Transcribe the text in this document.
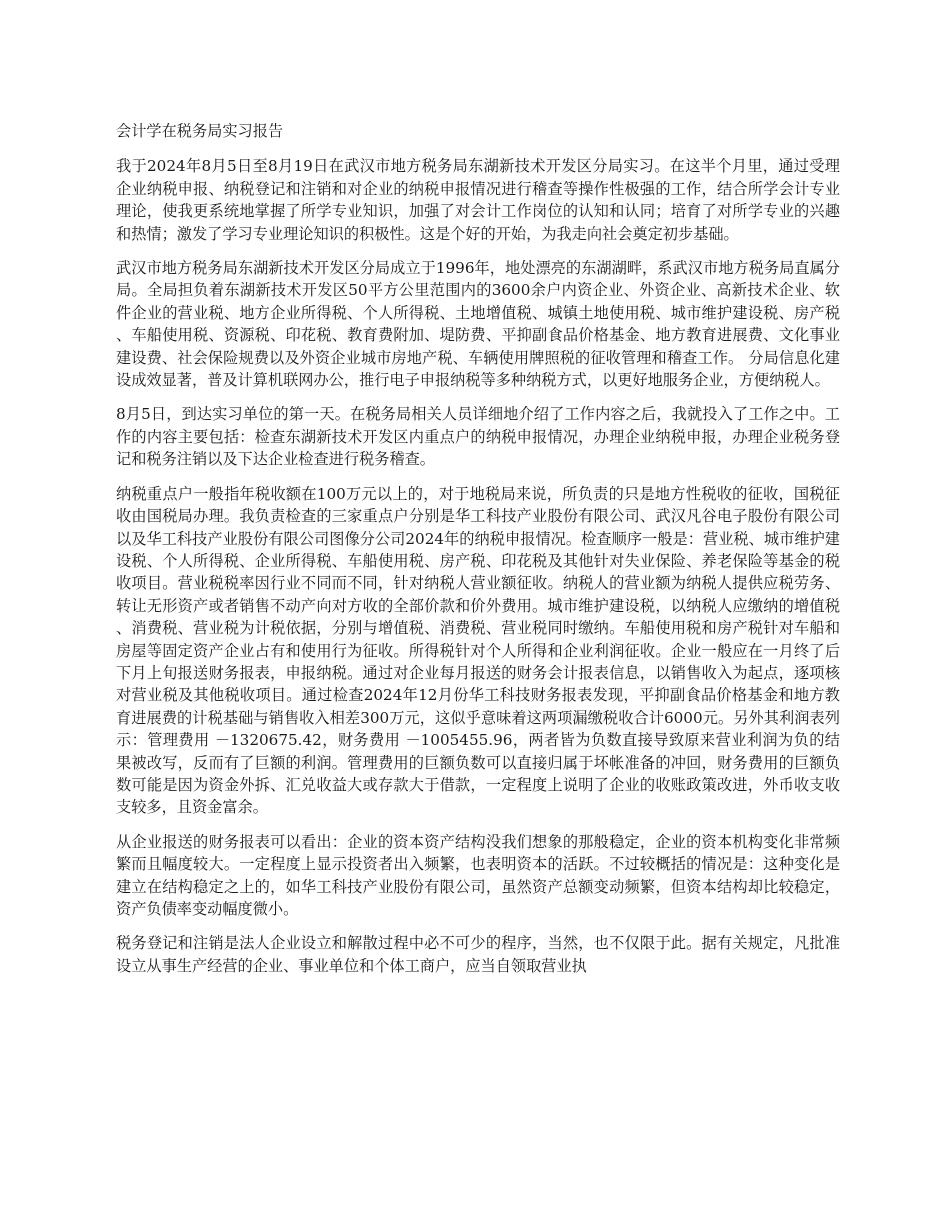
会计学在税务局实习报告

我于2024年8月5日至8月19日在武汉市地方税务局东湖新技术开发区分局实习。在这半个月里，通过受理企业纳税申报、纳税登记和注销和对企业的纳税申报情况进行稽查等操作性极强的工作，结合所学会计专业理论，使我更系统地掌握了所学专业知识，加强了对会计工作岗位的认知和认同；培育了对所学专业的兴趣和热情；激发了学习专业理论知识的积极性。这是个好的开始，为我走向社会奠定初步基础。

武汉市地方税务局东湖新技术开发区分局成立于1996年，地处漂亮的东湖湖畔，系武汉市地方税务局直属分局。全局担负着东湖新技术开发区50平方公里范围内的3600余户内资企业、外资企业、高新技术企业、软件企业的营业税、地方企业所得税、个人所得税、土地增值税、城镇土地使用税、城市维护建设税、房产税、车船使用税、资源税、印花税、教育费附加、堤防费、平抑副食品价格基金、地方教育进展费、文化事业建设费、社会保险规费以及外资企业城市房地产税、车辆使用牌照税的征收管理和稽查工作。 分局信息化建设成效显著，普及计算机联网办公，推行电子申报纳税等多种纳税方式，以更好地服务企业，方便纳税人。

8月5日，到达实习单位的第一天。在税务局相关人员详细地介绍了工作内容之后，我就投入了工作之中。工作的内容主要包括：检查东湖新技术开发区内重点户的纳税申报情况，办理企业纳税申报，办理企业税务登记和税务注销以及下达企业检查进行税务稽查。

纳税重点户一般指年税收额在100万元以上的，对于地税局来说，所负责的只是地方性税收的征收，国税征收由国税局办理。我负责检查的三家重点户分别是华工科技产业股份有限公司、武汉凡谷电子股份有限公司以及华工科技产业股份有限公司图像分公司2024年的纳税申报情况。检查顺序一般是：营业税、城市维护建设税、个人所得税、企业所得税、车船使用税、房产税、印花税及其他针对失业保险、养老保险等基金的税收项目。营业税税率因行业不同而不同，针对纳税人营业额征收。纳税人的营业额为纳税人提供应税劳务、转让无形资产或者销售不动产向对方收的全部价款和价外费用。城市维护建设税，以纳税人应缴纳的增值税、消费税、营业税为计税依据，分别与增值税、消费税、营业税同时缴纳。车船使用税和房产税针对车船和房屋等固定资产企业占有和使用行为征收。所得税针对个人所得和企业利润征收。企业一般应在一月终了后下月上旬报送财务报表，申报纳税。通过对企业每月报送的财务会计报表信息，以销售收入为起点，逐项核对营业税及其他税收项目。通过检查2024年12月份华工科技财务报表发现，平抑副食品价格基金和地方教育进展费的计税基础与销售收入相差300万元，这似乎意味着这两项漏缴税收合计6000元。另外其利润表列示：管理费用 －1320675.42，财务费用 －1005455.96，两者皆为负数直接导致原来营业利润为负的结果被改写，反而有了巨额的利润。管理费用的巨额负数可以直接归属于坏帐准备的冲回，财务费用的巨额负数可能是因为资金外拆、汇兑收益大或存款大于借款，一定程度上说明了企业的收账政策改进，外币收支收支较多，且资金富余。

从企业报送的财务报表可以看出：企业的资本资产结构没我们想象的那般稳定，企业的资本机构变化非常频繁而且幅度较大。一定程度上显示投资者出入频繁，也表明资本的活跃。不过较概括的情况是：这种变化是建立在结构稳定之上的，如华工科技产业股份有限公司，虽然资产总额变动频繁，但资本结构却比较稳定，资产负债率变动幅度微小。

税务登记和注销是法人企业设立和解散过程中必不可少的程序，当然，也不仅限于此。据有关规定，凡批准设立从事生产经营的企业、事业单位和个体工商户，应当自领取营业执
